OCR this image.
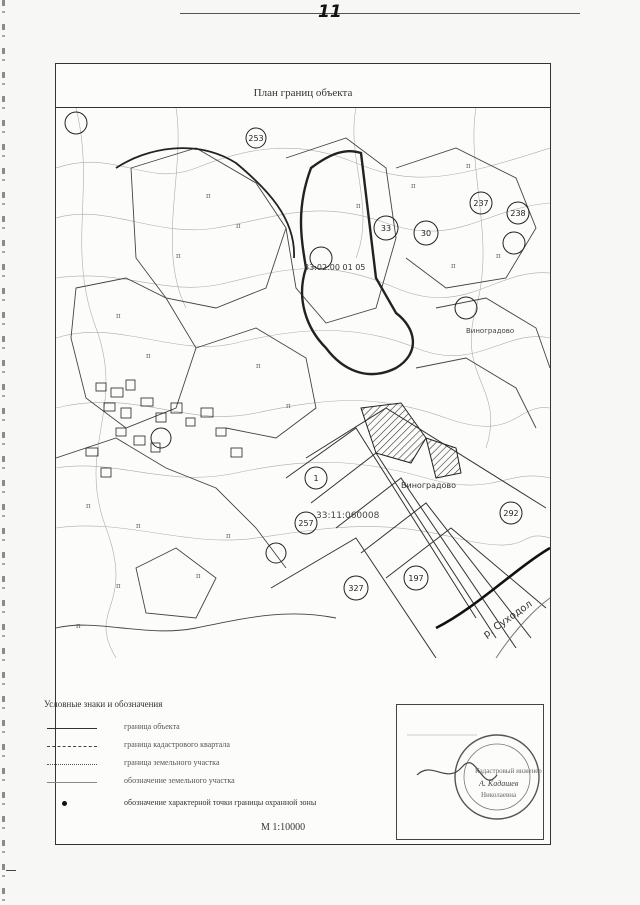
11
План границ объекта
253
33
30
237
238
1
257
327
197
292
п
п
п
п
п
п
п
п
п
п
п
п
п
п
п
п
п
п
33:02:00 01 05
33:11:060008
Виноградово
Виноградово
р. Суходол
Условные знаки и обозначения
граница объекта
граница кадастрового квартала
граница земельного участка
обозначение земельного участка
обозначение характерной точки границы охранной зоны
М 1:10000
Кадастровый инженер
А. Кадашев
Николаевна
